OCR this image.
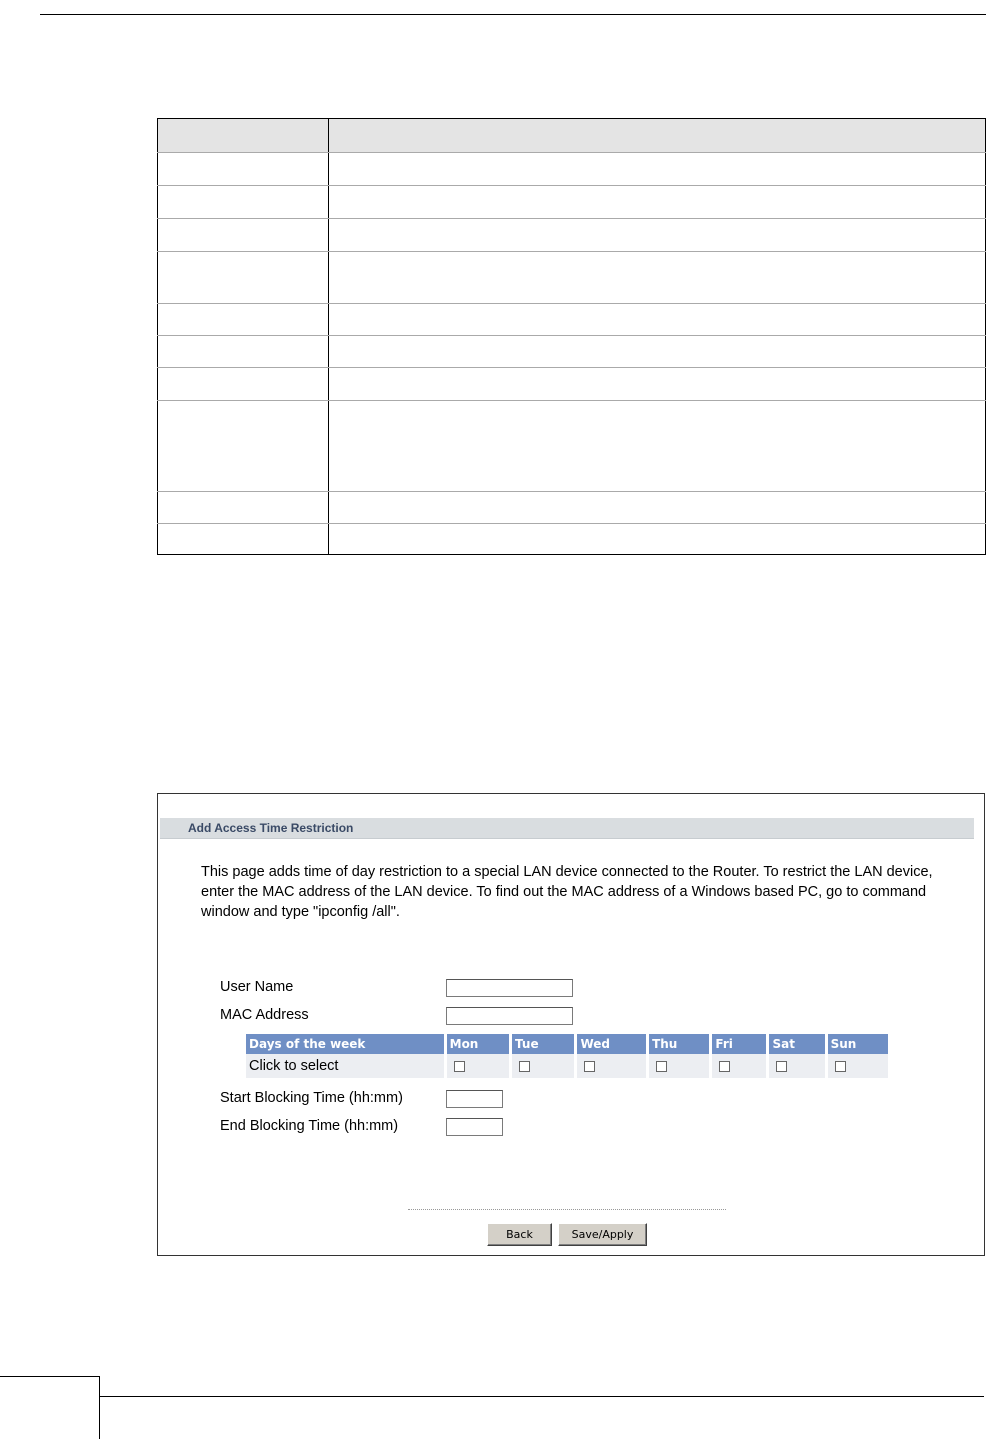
Add Access Time Restriction
This page adds time of day restriction to a special LAN device connected to the Router. To restrict the LAN device, enter the MAC address of the LAN device. To find out the MAC address of a Windows based PC, go to command window and type "ipconfig /all".
User Name
MAC Address
Days of the week	Mon	Tue	Wed	Thu	Fri	Sat	Sun
Click to select							
Start Blocking Time (hh:mm)
End Blocking Time (hh:mm)
Back	Save/Apply
